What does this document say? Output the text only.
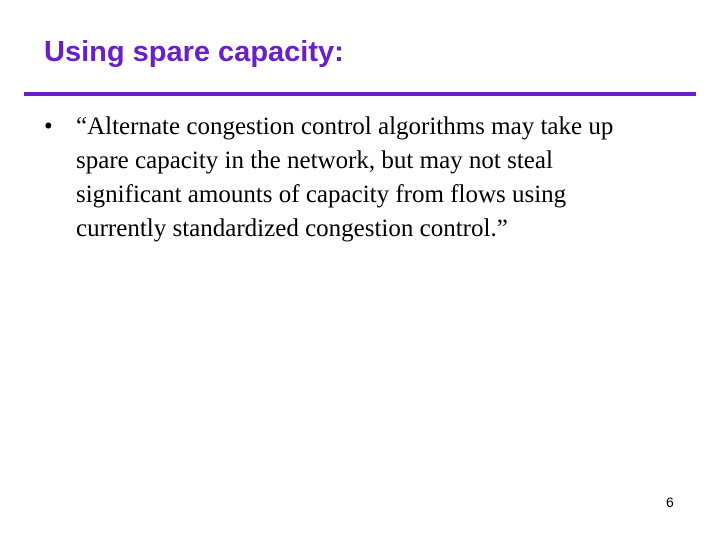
Using spare capacity:
• “Alternate congestion control algorithms may take up
spare capacity in the network, but may not steal
significant amounts of capacity from flows using
currently standardized congestion control.”
6
